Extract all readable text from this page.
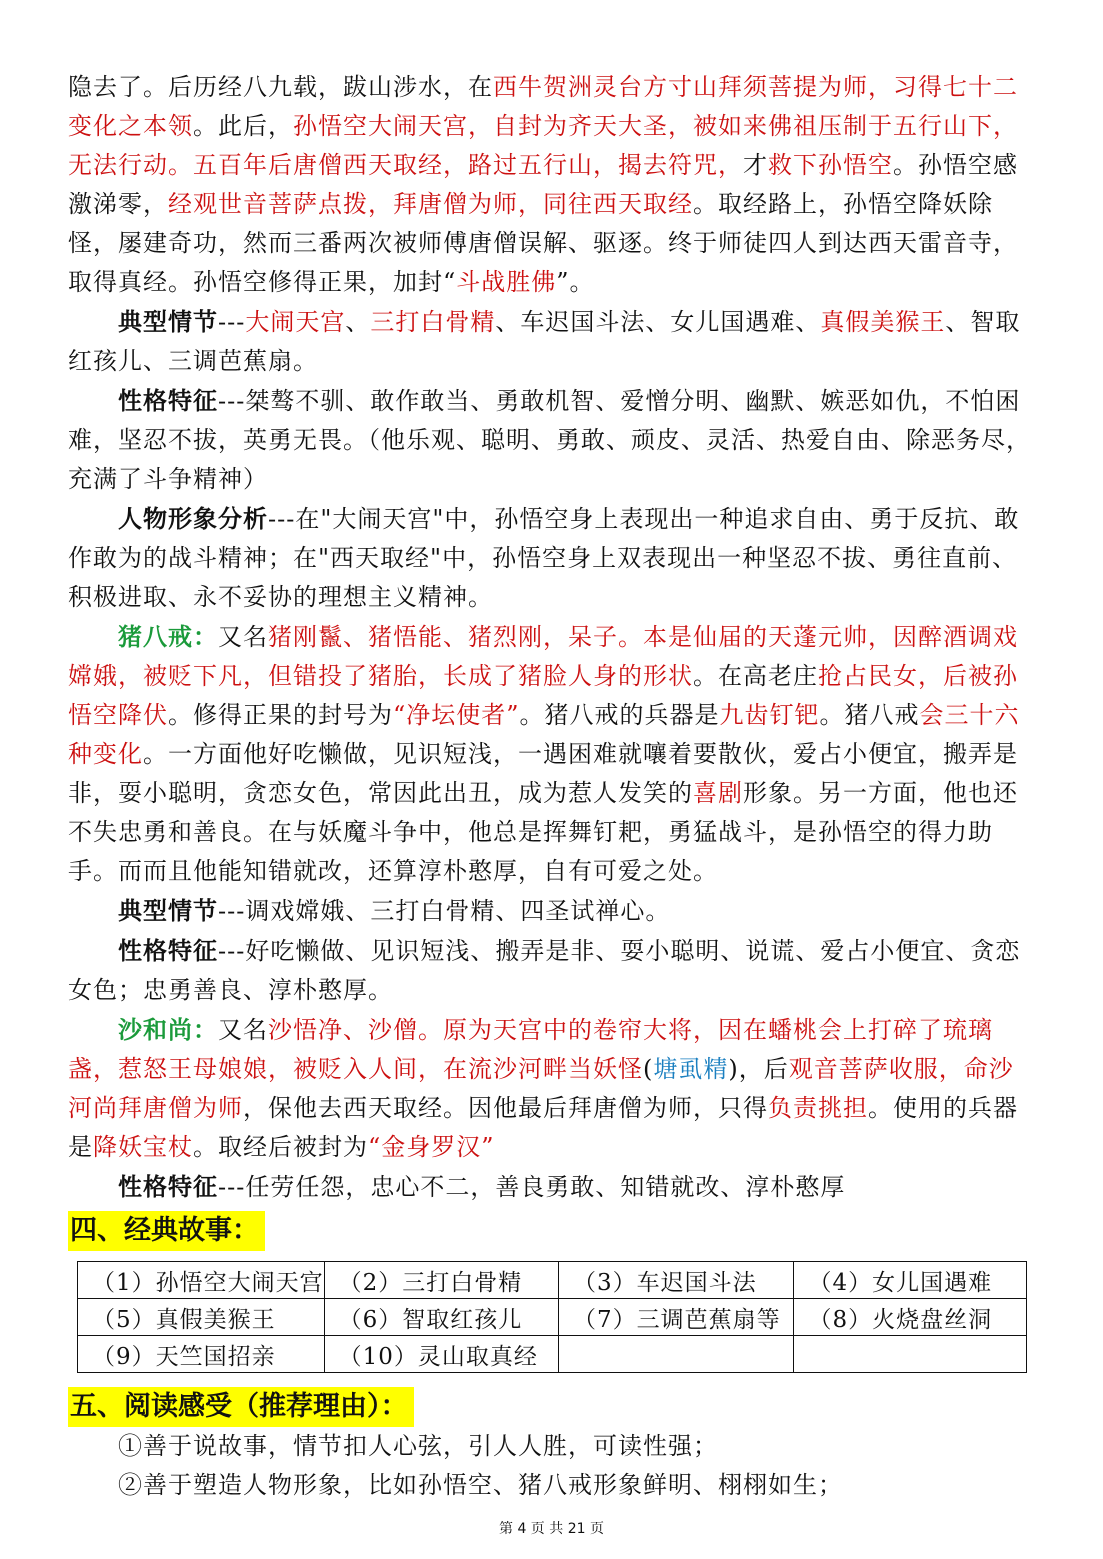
隐去了。后历经八九载，跋山涉水，在西牛贺洲灵台方寸山拜须菩提为师，习得七十二变化之本领。此后，孙悟空大闹天宫，自封为齐天大圣，被如来佛祖压制于五行山下，无法行动。五百年后唐僧西天取经，路过五行山，揭去符咒，才救下孙悟空。孙悟空感激涕零，经观世音菩萨点拨，拜唐僧为师，同往西天取经。取经路上，孙悟空降妖除怪，屡建奇功，然而三番两次被师傅唐僧误解、驱逐。终于师徒四人到达西天雷音寺，取得真经。孙悟空修得正果，加封“斗战胜佛”。

典型情节---大闹天宫、三打白骨精、车迟国斗法、女儿国遇难、真假美猴王、智取红孩儿、三调芭蕉扇。

性格特征---桀骜不驯、敢作敢当、勇敢机智、爱憎分明、幽默、嫉恶如仇，不怕困难，坚忍不拔，英勇无畏。（他乐观、聪明、勇敢、顽皮、灵活、热爱自由、除恶务尽，充满了斗争精神）

人物形象分析---在"大闹天宫"中，孙悟空身上表现出一种追求自由、勇于反抗、敢作敢为的战斗精神；在"西天取经"中，孙悟空身上双表现出一种坚忍不拔、勇往直前、积极进取、永不妥协的理想主义精神。

猪八戒：又名猪刚鬣、猪悟能、猪烈刚，呆子。本是仙届的天蓬元帅，因醉酒调戏嫦娥，被贬下凡，但错投了猪胎，长成了猪脸人身的形状。在高老庄抢占民女，后被孙悟空降伏。修得正果的封号为“净坛使者”。猪八戒的兵器是九齿钉钯。猪八戒会三十六种变化。一方面他好吃懒做，见识短浅，一遇困难就嚷着要散伙，爱占小便宜，搬弄是非，耍小聪明，贪恋女色，常因此出丑，成为惹人发笑的喜剧形象。另一方面，他也还不失忠勇和善良。在与妖魔斗争中，他总是挥舞钉耙，勇猛战斗，是孙悟空的得力助手。而而且他能知错就改，还算淳朴憨厚，自有可爱之处。

典型情节---调戏嫦娥、三打白骨精、四圣试禅心。

性格特征---好吃懒做、见识短浅、搬弄是非、耍小聪明、说谎、爱占小便宜、贪恋女色；忠勇善良、淳朴憨厚。

沙和尚：又名沙悟净、沙僧。原为天宫中的卷帘大将，因在蟠桃会上打碎了琉璃盏，惹怒王母娘娘，被贬入人间，在流沙河畔当妖怪(塘虱精)，后观音菩萨收服，命沙河尚拜唐僧为师，保他去西天取经。因他最后拜唐僧为师，只得负责挑担。使用的兵器是降妖宝杖。取经后被封为“金身罗汉”

性格特征---任劳任怨，忠心不二，善良勇敢、知错就改、淳朴憨厚

四、经典故事：
（1）孙悟空大闹天宫	（2）三打白骨精	（3）车迟国斗法	（4）女儿国遇难
（5）真假美猴王	（6）智取红孩儿	（7）三调芭蕉扇等	（8）火烧盘丝洞
（9）天竺国招亲	（10）灵山取真经		
五、阅读感受（推荐理由）：

①善于说故事，情节扣人心弦，引人人胜，可读性强；

②善于塑造人物形象，比如孙悟空、猪八戒形象鲜明、栩栩如生；

第 4 页 共 21 页
